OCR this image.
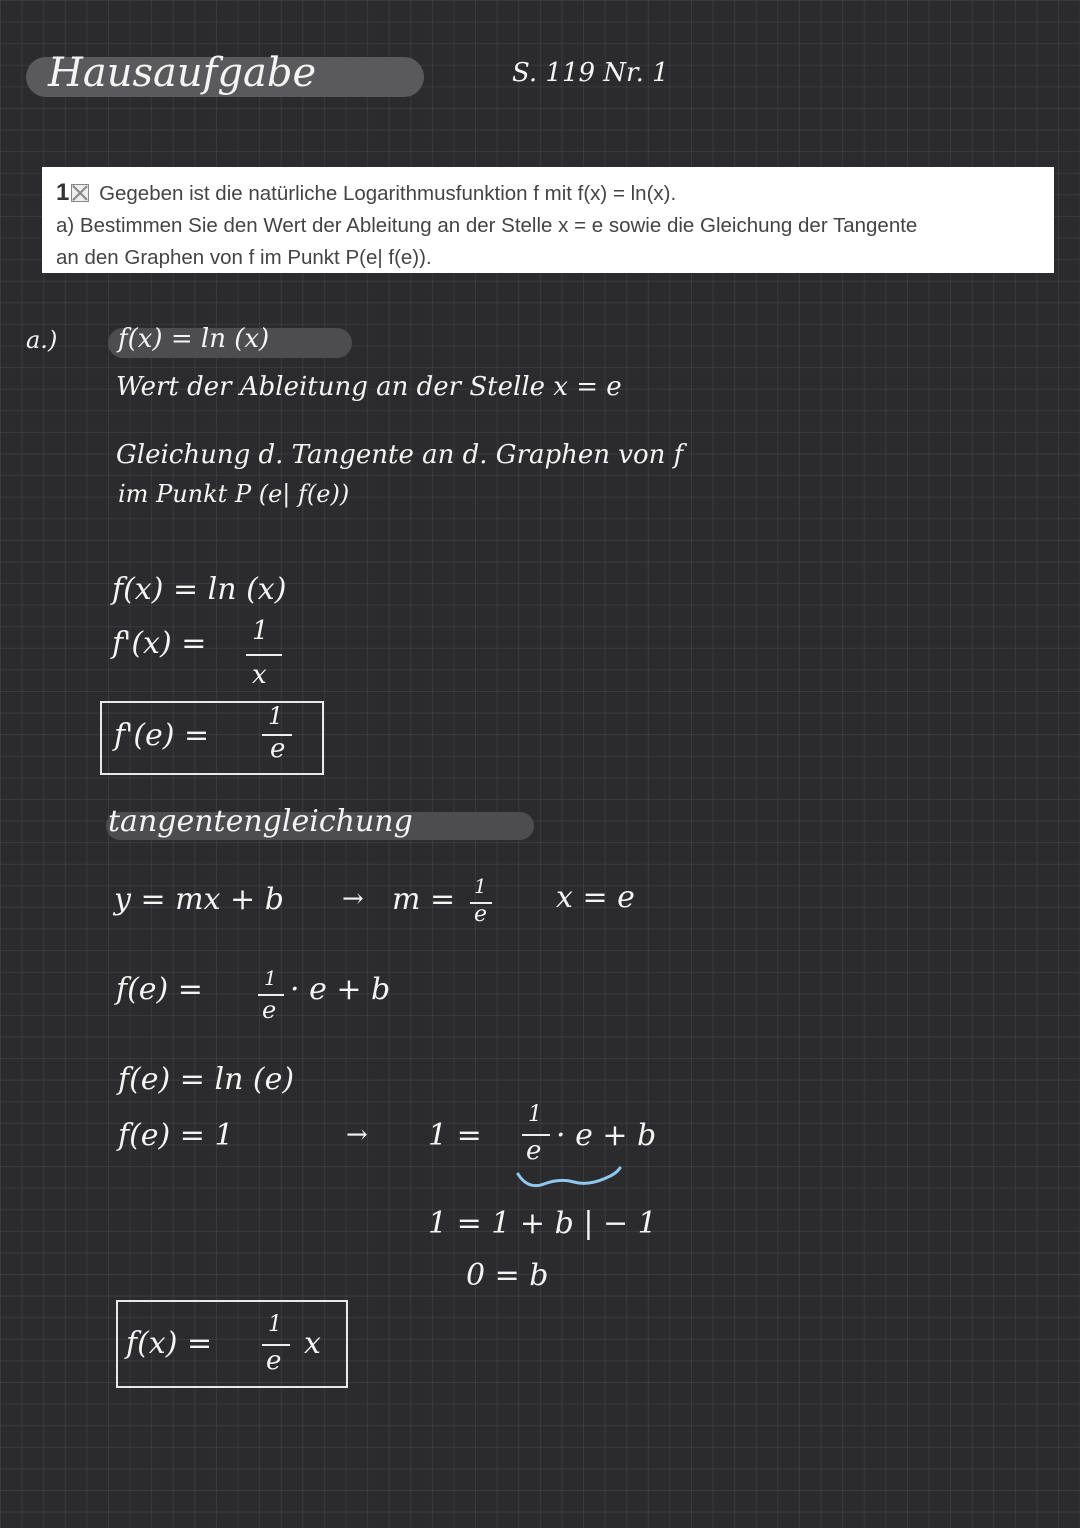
Hausaufgabe	S. 119 Nr. 1
1 Gegeben ist die natürliche Logarithmusfunktion f mit f(x) = ln(x).
a) Bestimmen Sie den Wert der Ableitung an der Stelle x = e sowie die Gleichung der Tangente
an den Graphen von f im Punkt P(e| f(e)).
a.) f(x) = ln (x)
Wert der Ableitung an der Stelle x = e
Gleichung d. Tangente an d. Graphen von f
im Punkt P (e| f(e))
f(x) = ln (x)
f'(x) = 1
x
f'(e) =
1
e
tangentengleichung
y = mx + b → m = 1
e x = e
f(e) =	1
e
· e + b
f(e) = ln (e)
f(e) = 1	→ 1 =
1
e · e + b
1 = 1 + b | − 1
0 = b
f(x) =
1
e x
